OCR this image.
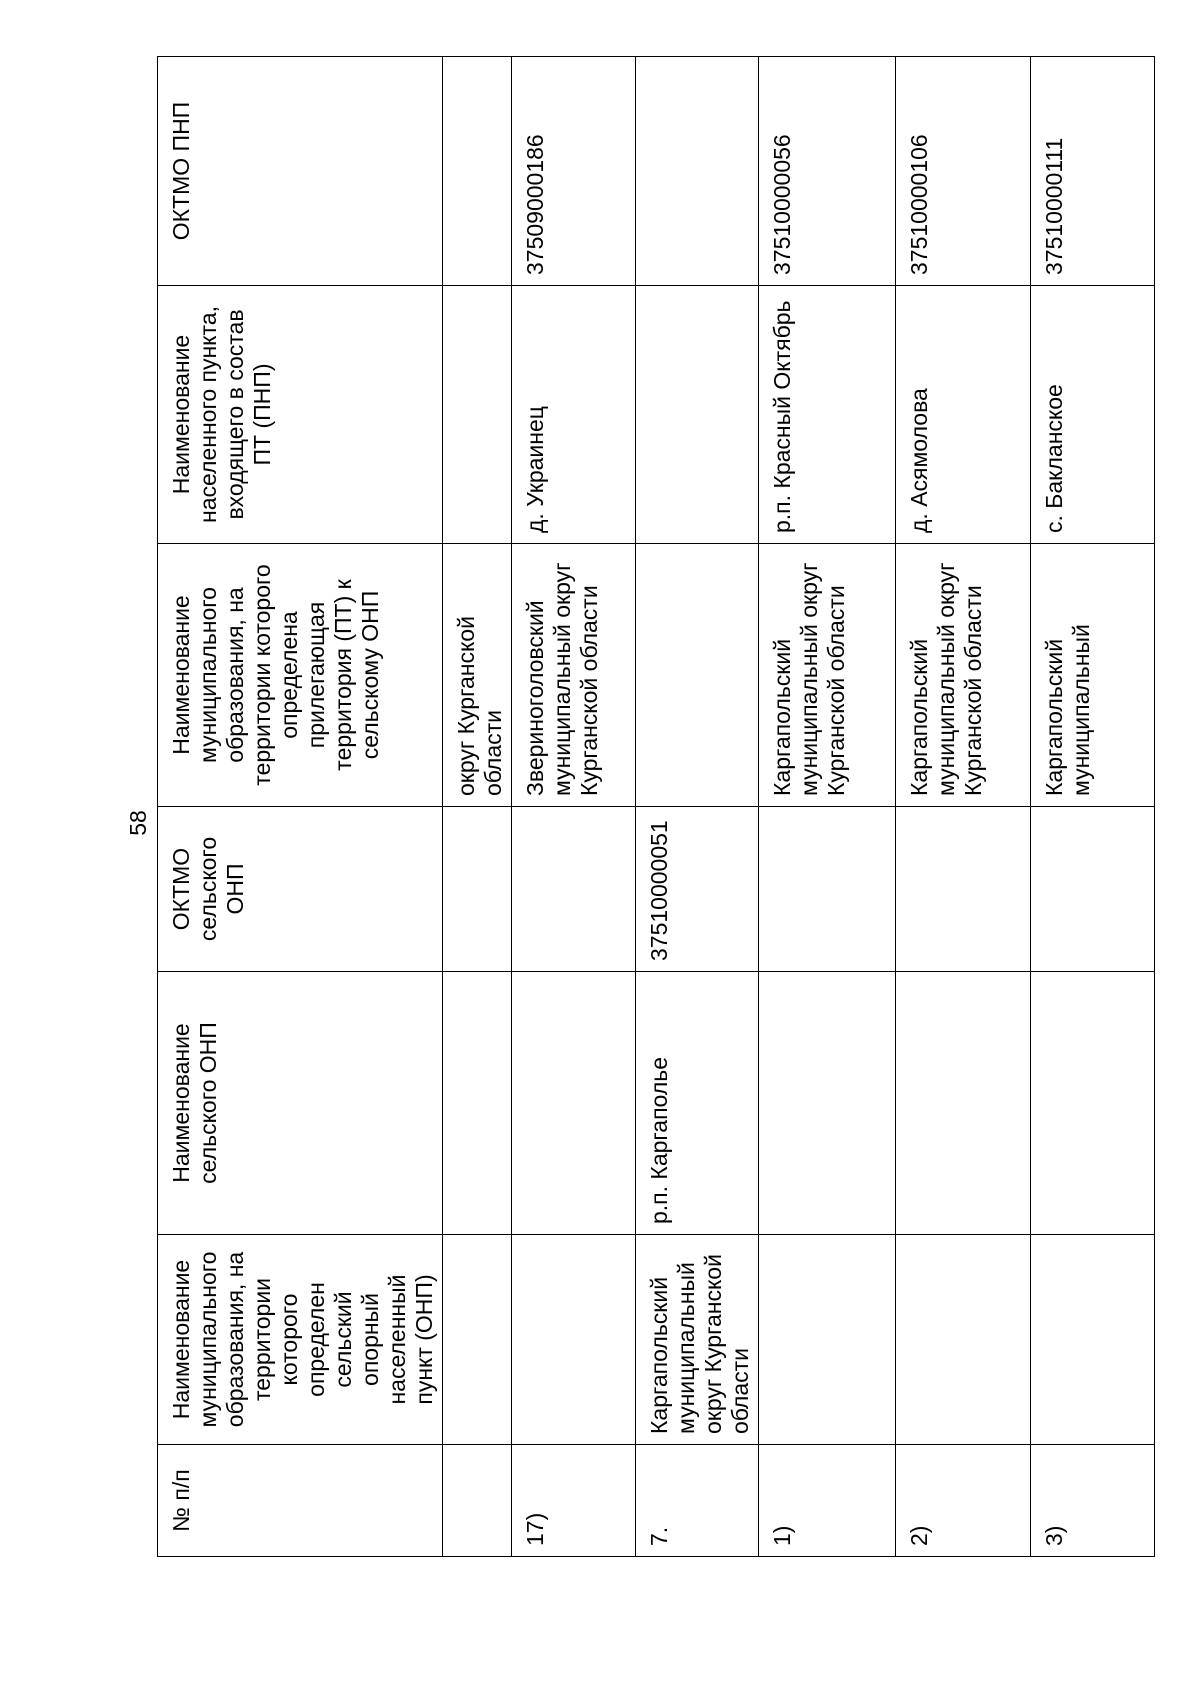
58
№ п/п	Наименование муниципального образования, на территории которого определен сельский опорный населенный пункт (ОНП)	Наименование сельского ОНП	ОКТМО сельского ОНП	Наименование муниципального образования, на территории которого определена прилегающая территория (ПТ) к сельскому ОНП	Наименование населенного пункта, входящего в состав ПТ (ПНП)	ОКТМО ПНП
				округ Курганской области		
17)				Звериноголовский муниципальный округ Курганской области	д. Украинец	37509000186
7.	Каргапольский муниципальный округ Курганской области	р.п. Каргаполье	37510000051			
1)				Каргапольский муниципальный округ Курганской области	р.п. Красный Октябрь	37510000056
2)				Каргапольский муниципальный округ Курганской области	д. Асямолова	37510000106
3)				Каргапольский муниципальный	с. Бакланское	37510000111
